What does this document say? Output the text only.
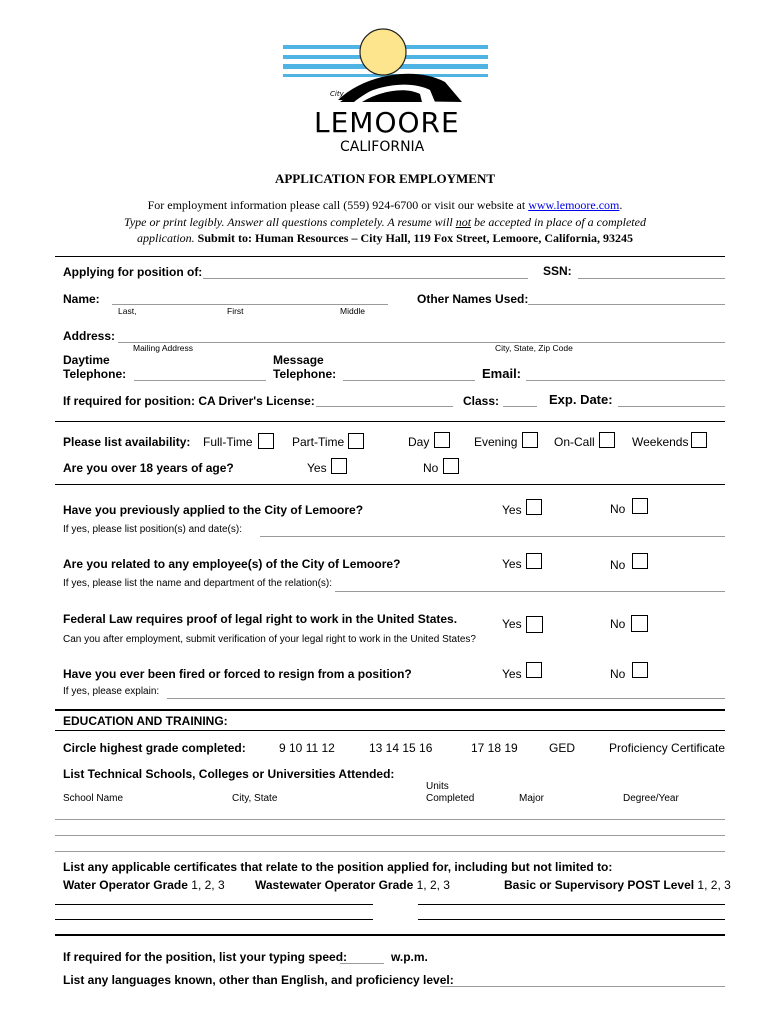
City of
LEMOORE
CALIFORNIA
APPLICATION FOR EMPLOYMENT
For employment information please call (559) 924-6700 or visit our website at www.lemoore.com.
Type or print legibly. Answer all questions completely. A resume will not be accepted in place of a completed
application. Submit to: Human Resources – City Hall, 119 Fox Street, Lemoore, California, 93245
Applying for position of:	SSN:
Name:
Last,	First	Middle
Other Names Used:
Address:
Mailing Address	City, State, Zip Code
Daytime
Telephone:
Message
Telephone:	Email:
If required for position: CA Driver's License:	Class:	Exp. Date:
Please list availability: Full-Time	Part-Time	Day	Evening	On-Call	Weekends
Are you over 18 years of age?	Yes	No
Have you previously applied to the City of Lemoore?	Yes	No
If yes, please list position(s) and date(s):
Are you related to any employee(s) of the City of Lemoore?	Yes	No
If yes, please list the name and department of the relation(s):
Federal Law requires proof of legal right to work in the United States.	Yes	No
Can you after employment, submit verification of your legal right to work in the United States?
Have you ever been fired or forced to resign from a position?	Yes	No
If yes, please explain:
EDUCATION AND TRAINING:
Circle highest grade completed:	9 10 11 12	13 14 15 16	17 18 19	GED	Proficiency Certificate
List Technical Schools, Colleges or Universities Attended:
School Name	City, State
Units
Completed	Major	Degree/Year
List any applicable certificates that relate to the position applied for, including but not limited to:
Water Operator Grade 1, 2, 3	Wastewater Operator Grade 1, 2, 3	Basic or Supervisory POST Level 1, 2, 3
If required for the position, list your typing speed:	w.p.m.
List any languages known, other than English, and proficiency level:
